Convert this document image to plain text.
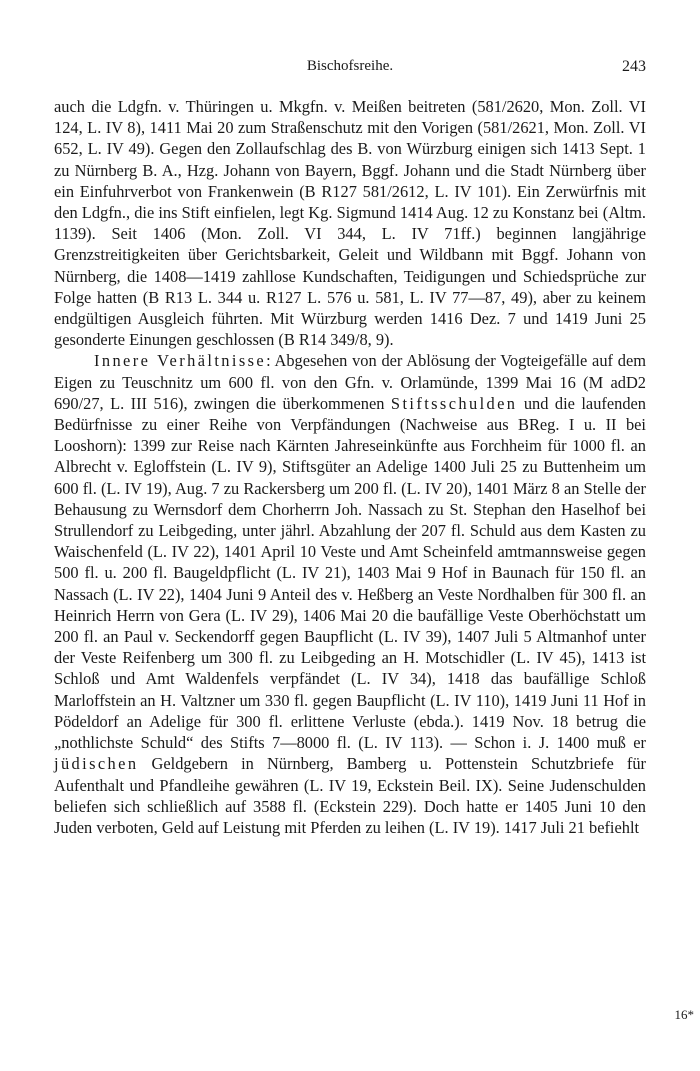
Bischofsreihe.	243

auch die Ldgfn. v. Thüringen u. Mkgfn. v. Meißen beitreten (581/2620, Mon. Zoll. VI 124, L. IV 8), 1411 Mai 20 zum Straßenschutz mit den Vorigen (581/2621, Mon. Zoll. VI 652, L. IV 49). Gegen den Zollaufschlag des B. von Würzburg einigen sich 1413 Sept. 1 zu Nürnberg B. A., Hzg. Johann von Bayern, Bggf. Johann und die Stadt Nürnberg über ein Einfuhrverbot von Frankenwein (B R127 581/2612, L. IV 101). Ein Zerwürfnis mit den Ldgfn., die ins Stift einfielen, legt Kg. Sigmund 1414 Aug. 12 zu Konstanz bei (Altm. 1139). Seit 1406 (Mon. Zoll. VI 344, L. IV 71ff.) beginnen langjährige Grenzstreitigkeiten über Gerichtsbarkeit, Geleit und Wildbann mit Bggf. Johann von Nürnberg, die 1408—1419 zahllose Kundschaften, Teidigungen und Schiedsprüche zur Folge hatten (B R13 L. 344 u. R127 L. 576 u. 581, L. IV 77—87, 49), aber zu keinem endgültigen Ausgleich führten. Mit Würzburg werden 1416 Dez. 7 und 1419 Juni 25 gesonderte Einungen geschlossen (B R14 349/8, 9).

Innere Verhältnisse: Abgesehen von der Ablösung der Vogteigefälle auf dem Eigen zu Teuschnitz um 600 fl. von den Gfn. v. Orlamünde, 1399 Mai 16 (M adD2 690/27, L. III 516), zwingen die überkommenen Stiftsschulden und die laufenden Bedürfnisse zu einer Reihe von Verpfändungen (Nachweise aus BReg. I u. II bei Looshorn): 1399 zur Reise nach Kärnten Jahreseinkünfte aus Forchheim für 1000 fl. an Albrecht v. Egloffstein (L. IV 9), Stiftsgüter an Adelige 1400 Juli 25 zu Buttenheim um 600 fl. (L. IV 19), Aug. 7 zu Rackersberg um 200 fl. (L. IV 20), 1401 März 8 an Stelle der Behausung zu Wernsdorf dem Chorherrn Joh. Nassach zu St. Stephan den Haselhof bei Strullendorf zu Leibgeding, unter jährl. Abzahlung der 207 fl. Schuld aus dem Kasten zu Waischenfeld (L. IV 22), 1401 April 10 Veste und Amt Scheinfeld amtmannsweise gegen 500 fl. u. 200 fl. Baugeldpflicht (L. IV 21), 1403 Mai 9 Hof in Baunach für 150 fl. an Nassach (L. IV 22), 1404 Juni 9 Anteil des v. Heßberg an Veste Nordhalben für 300 fl. an Heinrich Herrn von Gera (L. IV 29), 1406 Mai 20 die baufällige Veste Oberhöchstatt um 200 fl. an Paul v. Seckendorff gegen Baupflicht (L. IV 39), 1407 Juli 5 Altmanhof unter der Veste Reifenberg um 300 fl. zu Leibgeding an H. Motschidler (L. IV 45), 1413 ist Schloß und Amt Waldenfels verpfändet (L. IV 34), 1418 das baufällige Schloß Marloffstein an H. Valtzner um 330 fl. gegen Baupflicht (L. IV 110), 1419 Juni 11 Hof in Pödeldorf an Adelige für 300 fl. erlittene Verluste (ebda.). 1419 Nov. 18 betrug die „nothlichste Schuld“ des Stifts 7—8000 fl. (L. IV 113). — Schon i. J. 1400 muß er jüdischen Geldgebern in Nürnberg, Bamberg u. Pottenstein Schutzbriefe für Aufenthalt und Pfandleihe gewähren (L. IV 19, Eckstein Beil. IX). Seine Judenschulden beliefen sich schließlich auf 3588 fl. (Eckstein 229). Doch hatte er 1405 Juni 10 den Juden verboten, Geld auf Leistung mit Pferden zu leihen (L. IV 19). 1417 Juli 21 befiehlt

16*
